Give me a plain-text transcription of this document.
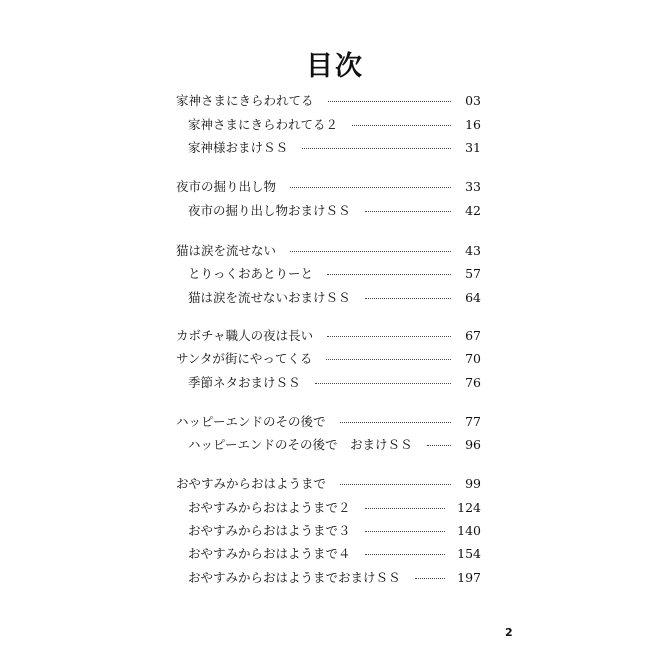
目次
家神さまにきらわれてる	03
家神さまにきらわれてる２	16
家神様おまけＳＳ	31
夜市の掘り出し物	33
夜市の掘り出し物おまけＳＳ	42
猫は涙を流せない	43
とりっくおあとりーと	57
猫は涙を流せないおまけＳＳ	64
カボチャ職人の夜は長い	67
サンタが街にやってくる	70
季節ネタおまけＳＳ	76
ハッピーエンドのその後で	77
ハッピーエンドのその後で　おまけＳＳ	96
おやすみからおはようまで	99
おやすみからおはようまで２	124
おやすみからおはようまで３	140
おやすみからおはようまで４	154
おやすみからおはようまでおまけＳＳ	197
2
